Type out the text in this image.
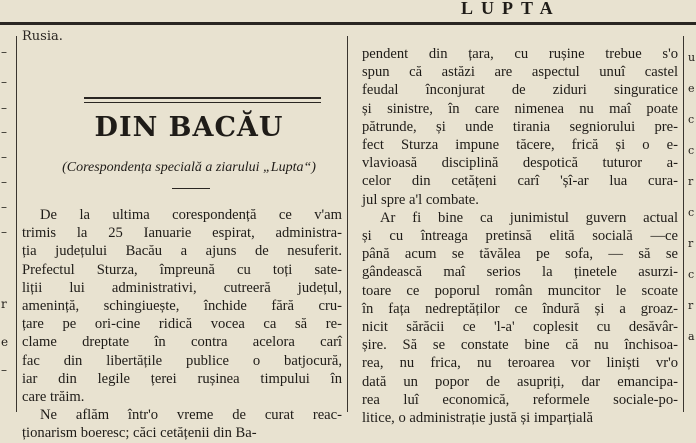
LUPTA
–
–
–
–
–
–
–
–
r
e
–

Rusia.

DIN BACĂU
(Corespondența specială a ziarului „Lupta“)
De la ultima corespondență ce v'am
trimis la 25 Ianuarie espirat, administra-
ția județului Bacău a ajuns de nesuferit.
Prefectul Sturza, împreună cu toți sate-
liții lui administrativi, cutreeră județul,
amenință, schingiuește, închide fără cru-
țare pe ori-cine ridică vocea ca să re-
clame dreptate în contra acelora carî
fac din libertățile publice o batjocură,
iar din legile țerei rușinea timpului în
care trăim.
Ne aflăm într'o vreme de curat reac-
ționarism boeresc; căci cetățenii din Ba-
pendent din țara, cu rușine trebue s'o
spun că astăzi are aspectul unuî castel
feudal înconjurat de ziduri singuratice
și sinistre, în care nimenea nu maî poate
pătrunde, și unde tirania segniorului pre-
fect Sturza impune tăcere, frică și o e-
vlavioasă disciplină despotică tuturor a-
celor din cetățeni carî 'șî-ar lua cura-
jul spre a'l combate.
Ar fi bine ca junimistul guvern actual
și cu întreaga pretinsă elită socială —ce
până acum se tăvălea pe sofa, — să se
gândească maî serios la ținetele asurzi-
toare ce poporul român muncitor le scoate
în fața nedreptăților ce îndură și a groaz-
nicit sărăcii ce 'l-a' coplesit cu desăvâr-
șire. Să se constate bine că nu închisoa-
rea, nu frica, nu teroarea vor liniști vr'o
dată un popor de asupriți, dar emancipa-
rea luî economică, reformele sociale-po-
litice, o administrație justă și imparțială
u
e
c
c
r
c
r
c
r
a
